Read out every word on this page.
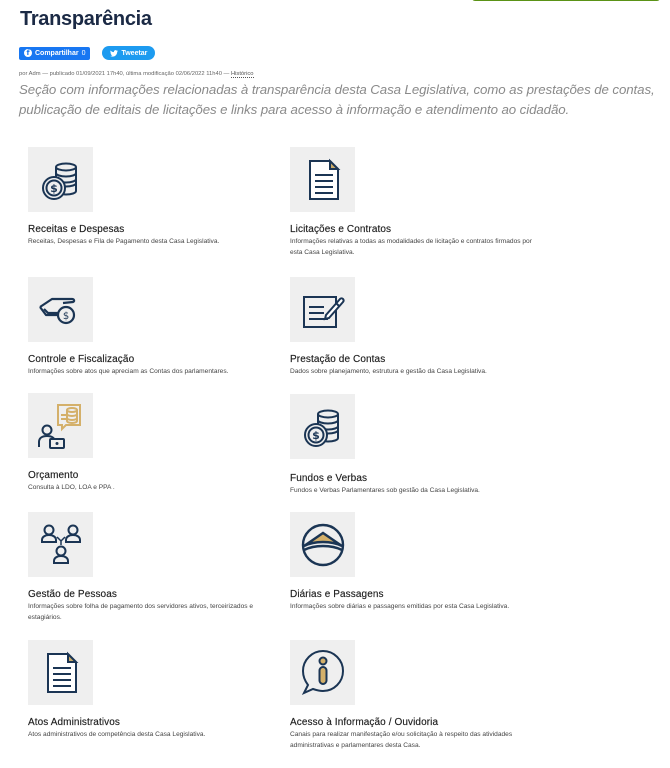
Transparência
f Compartilhar 0	Tweetar
por Adm — publicado 01/09/2021 17h40, última modificação 02/06/2022 11h40 — Histórico

Seção com informações relacionadas à transparência desta Casa Legislativa, como as prestações de contas, publicação de editais de licitações e links para acesso à informação e atendimento ao cidadão.

$
Receitas e Despesas
Receitas, Despesas e Fila de Pagamento desta Casa Legislativa.
Licitações e Contratos
Informações relativas a todas as modalidades de licitação e contratos firmados por esta Casa Legislativa.
$
Controle e Fiscalização
Informações sobre atos que apreciam as Contas dos parlamentares.
Prestação de Contas
Dados sobre planejamento, estrutura e gestão da Casa Legislativa.
Orçamento
Consulta à LDO, LOA e PPA .
$
Fundos e Verbas
Fundos e Verbas Parlamentares sob gestão da Casa Legislativa.
Gestão de Pessoas
Informações sobre folha de pagamento dos servidores ativos, terceirizados e estagiários.
Diárias e Passagens
Informações sobre diárias e passagens emitidas por esta Casa Legislativa.
Atos Administrativos
Atos administrativos de competência desta Casa Legislativa.
Acesso à Informação / Ouvidoria
Canais para realizar manifestação e/ou solicitação à respeito das atividades administrativas e parlamentares desta Casa.
